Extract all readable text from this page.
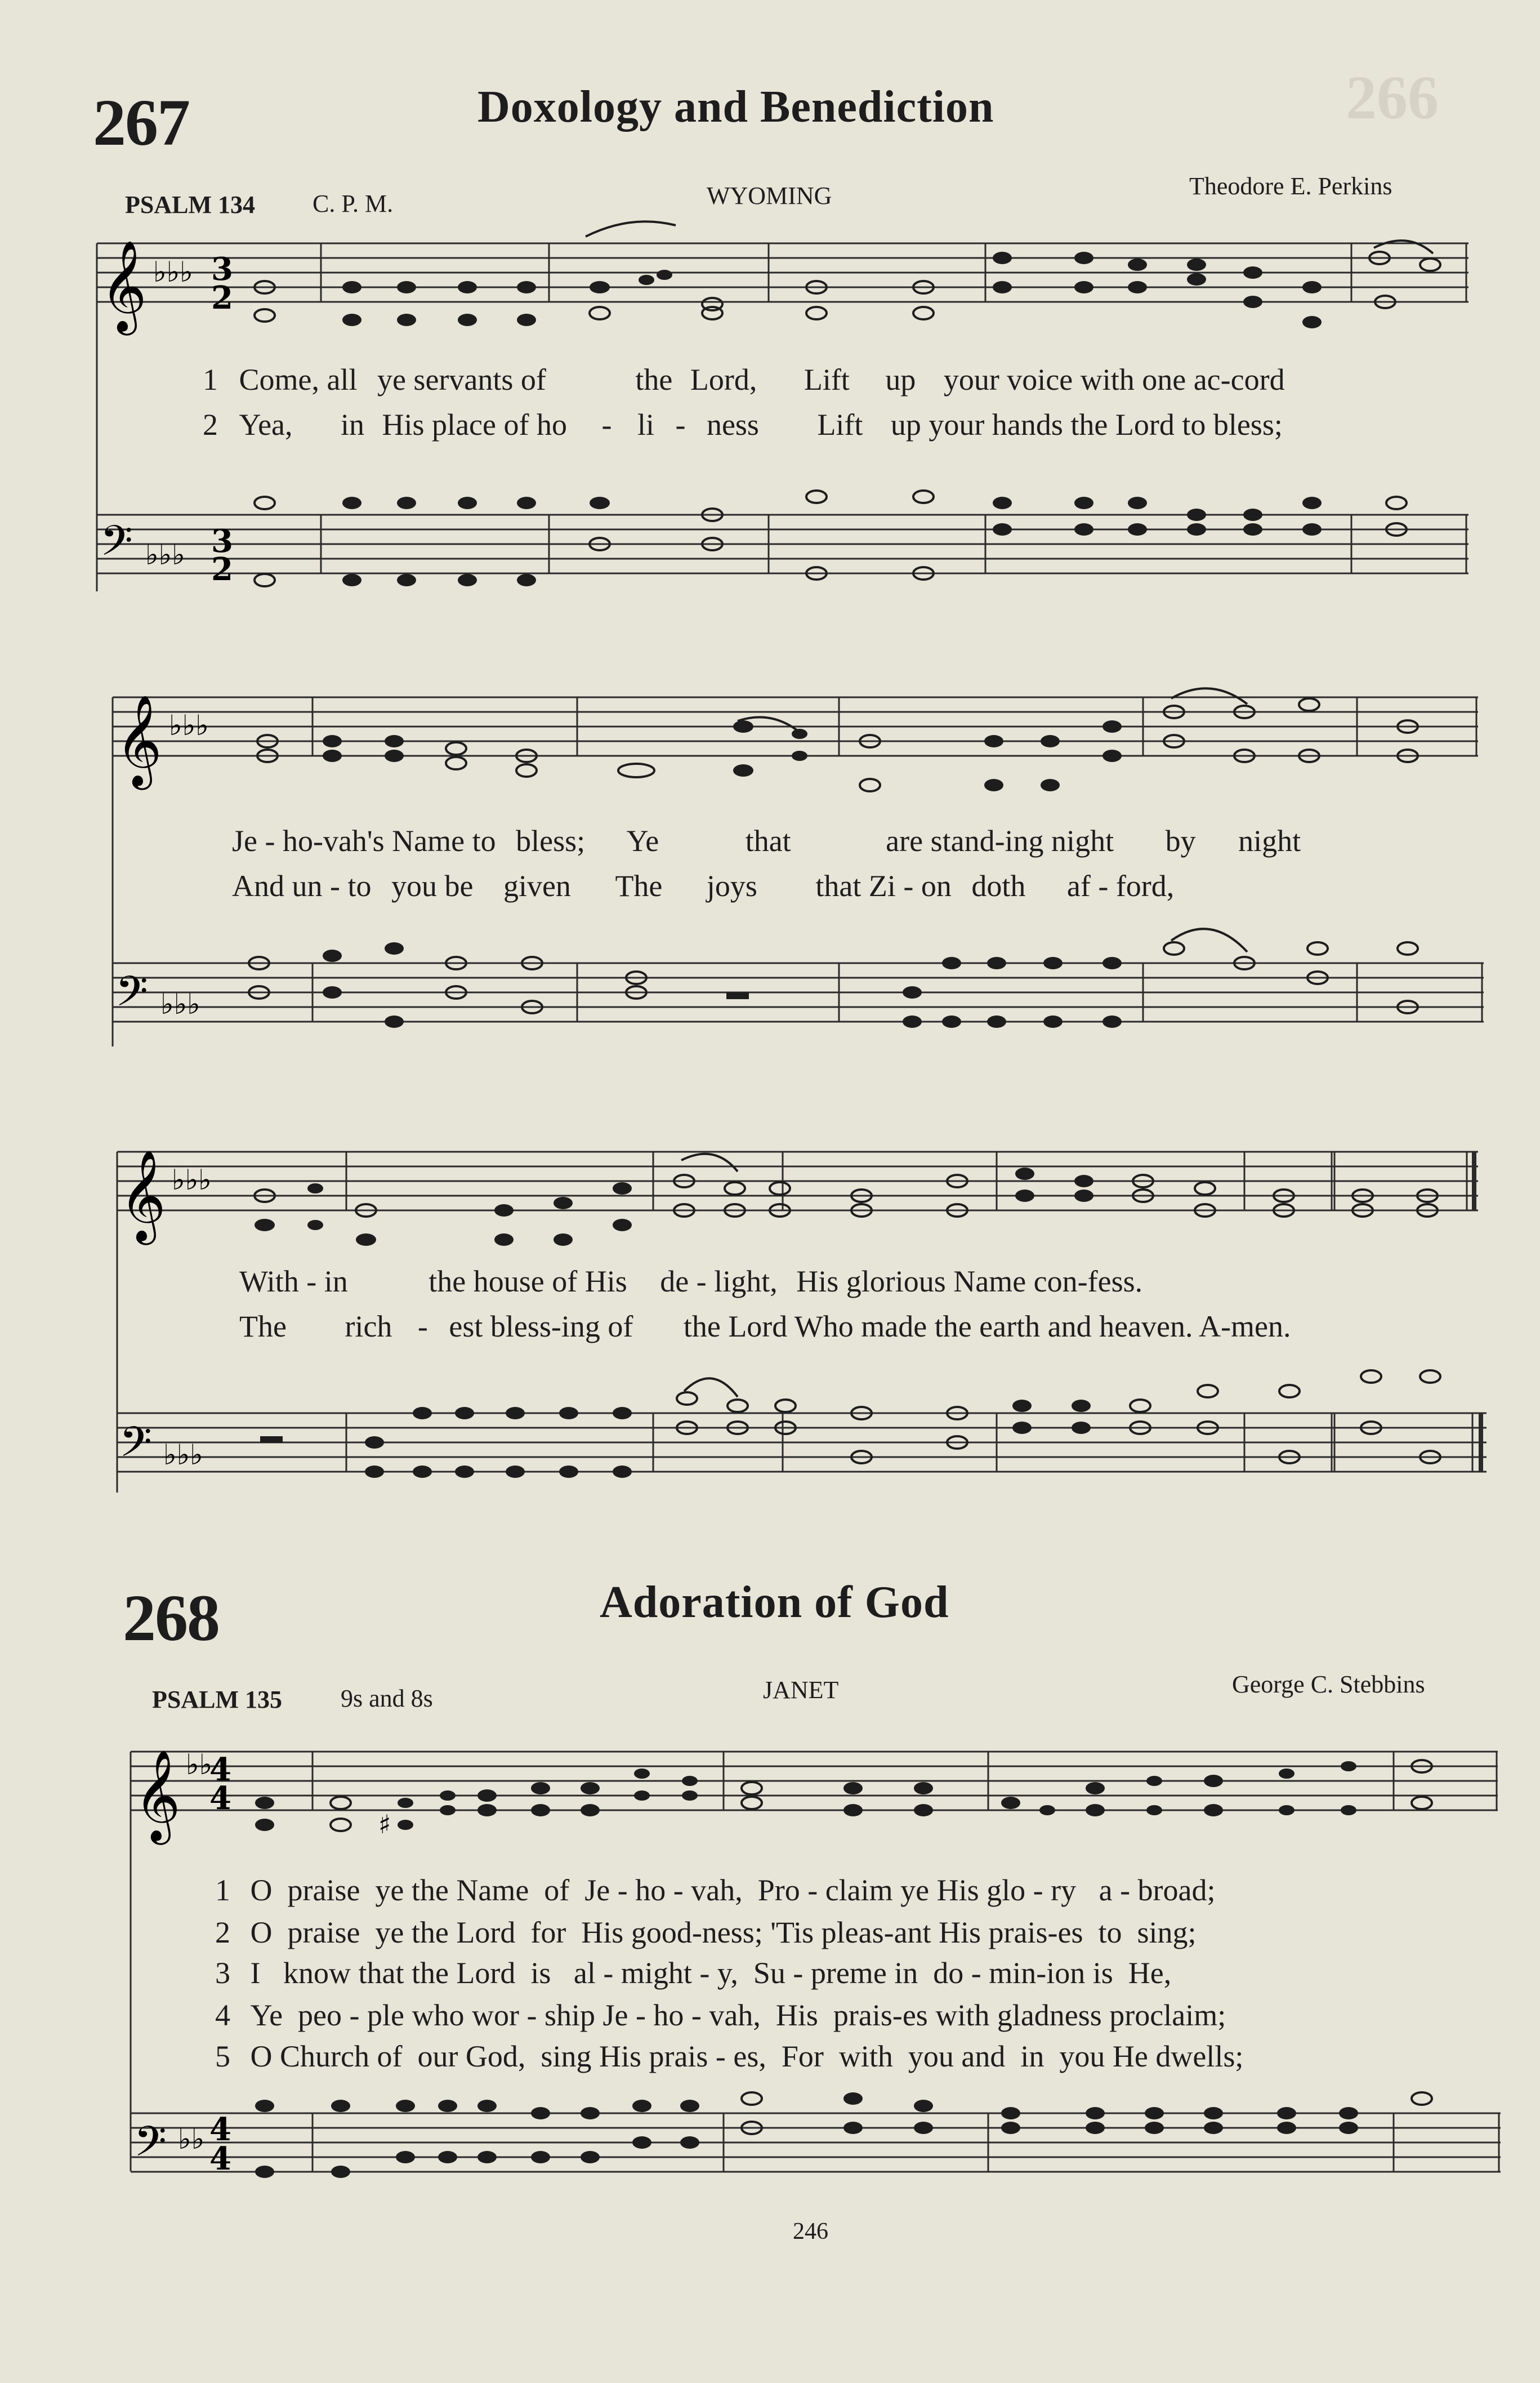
266
267	Doxology and Benediction
PSALM 134 C. P. M.	WYOMING	Theodore E. Perkins
𝄞 ♭♭♭ 3
2
1 Come, all ye servants of	the Lord, Lift up your voice with one ac-cord
2 Yea, in His place of ho - li - ness Lift up your hands the Lord to bless;
𝄢 ♭♭♭ 3
2
𝄞 ♭♭♭
Je - ho-vah's Name to bless; Ye	that	are stand-ing night by night
And un - to you be given The joys that Zi - on doth af - ford,
𝄢 ♭♭♭
𝄞 ♭♭♭
With - in	the house of His de - light, His glorious Name con-fess.
The rich - est bless-ing of the Lord Who made the earth and heaven. A-men.
𝄢 ♭♭♭
268	Adoration of God
PSALM 135 9s and 8s	JANET	George C. Stebbins
𝄞 ♭♭
4
4
♯
1 O  praise  ye the Name  of  Je - ho - vah,  Pro - claim ye His glo - ry   a - broad;
2 O  praise  ye the Lord  for  His good-ness; 'Tis pleas-ant His prais-es  to  sing;
3 I   know that the Lord  is   al - might - y,  Su - preme in  do - min-ion is  He,
4 Ye  peo - ple who wor - ship Je - ho - vah,  His  prais-es with gladness proclaim;
5 O Church of  our God,  sing His prais - es,  For  with  you and  in  you He dwells;
𝄢 ♭♭ 4
4
246
